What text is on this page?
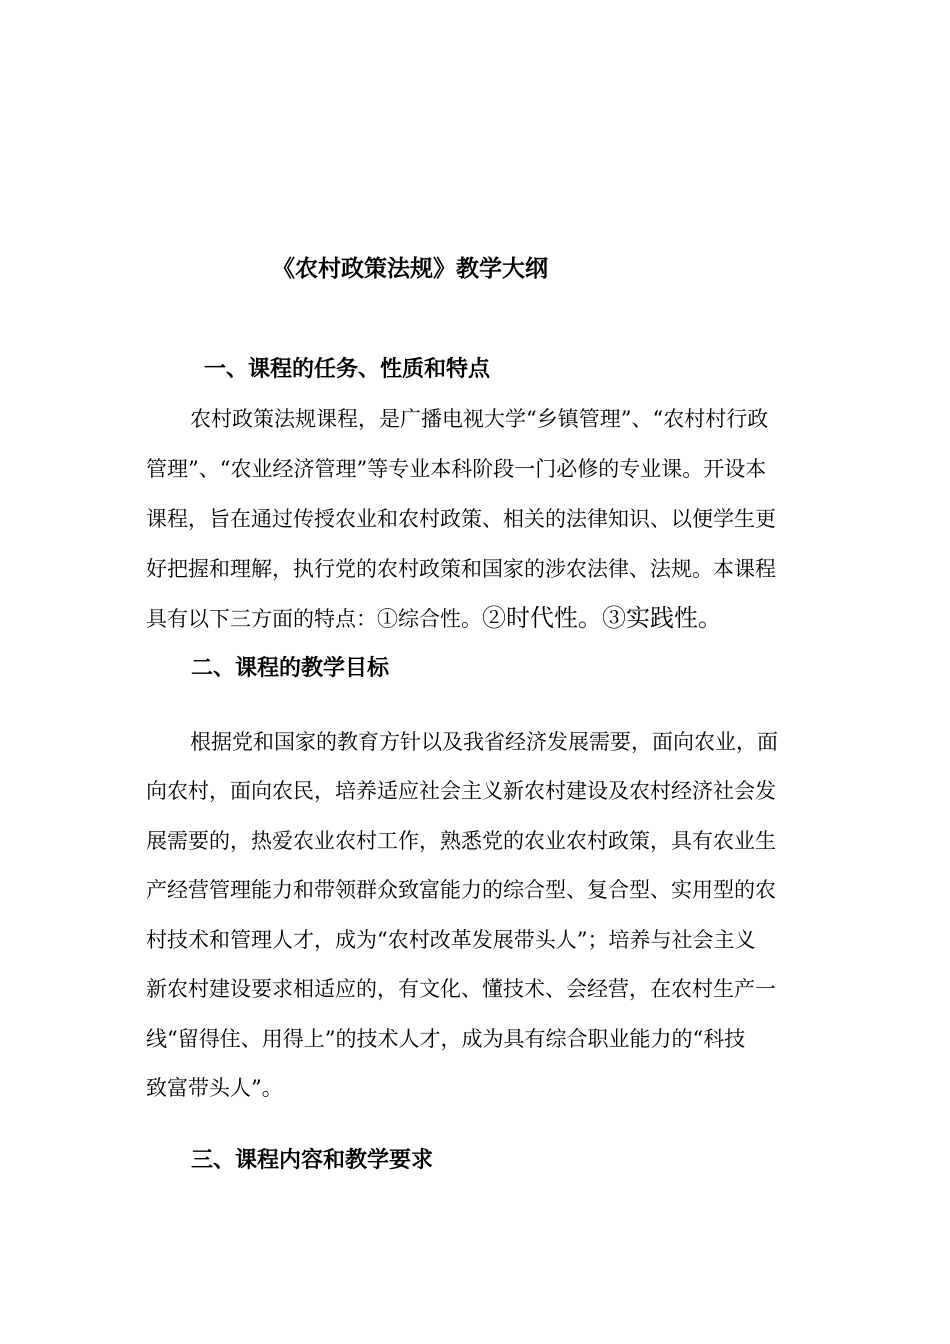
《农村政策法规》教学大纲
一、课程的任务、性质和特点
农村政策法规课程，是广播电视大学“乡镇管理”、“农村村行政
管理”、“农业经济管理”等专业本科阶段一门必修的专业课。开设本
课程，旨在通过传授农业和农村政策、相关的法律知识、以便学生更
好把握和理解，执行党的农村政策和国家的涉农法律、法规。本课程
具有以下三方面的特点：①综合性。②时代性。③实践性。
二、课程的教学目标
根据党和国家的教育方针以及我省经济发展需要，面向农业，面
向农村，面向农民，培养适应社会主义新农村建设及农村经济社会发
展需要的，热爱农业农村工作，熟悉党的农业农村政策，具有农业生
产经营管理能力和带领群众致富能力的综合型、复合型、实用型的农
村技术和管理人才，成为“农村改革发展带头人”；培养与社会主义
新农村建设要求相适应的，有文化、懂技术、会经营，在农村生产一
线“留得住、用得上”的技术人才，成为具有综合职业能力的“科技
致富带头人”。
三、课程内容和教学要求
